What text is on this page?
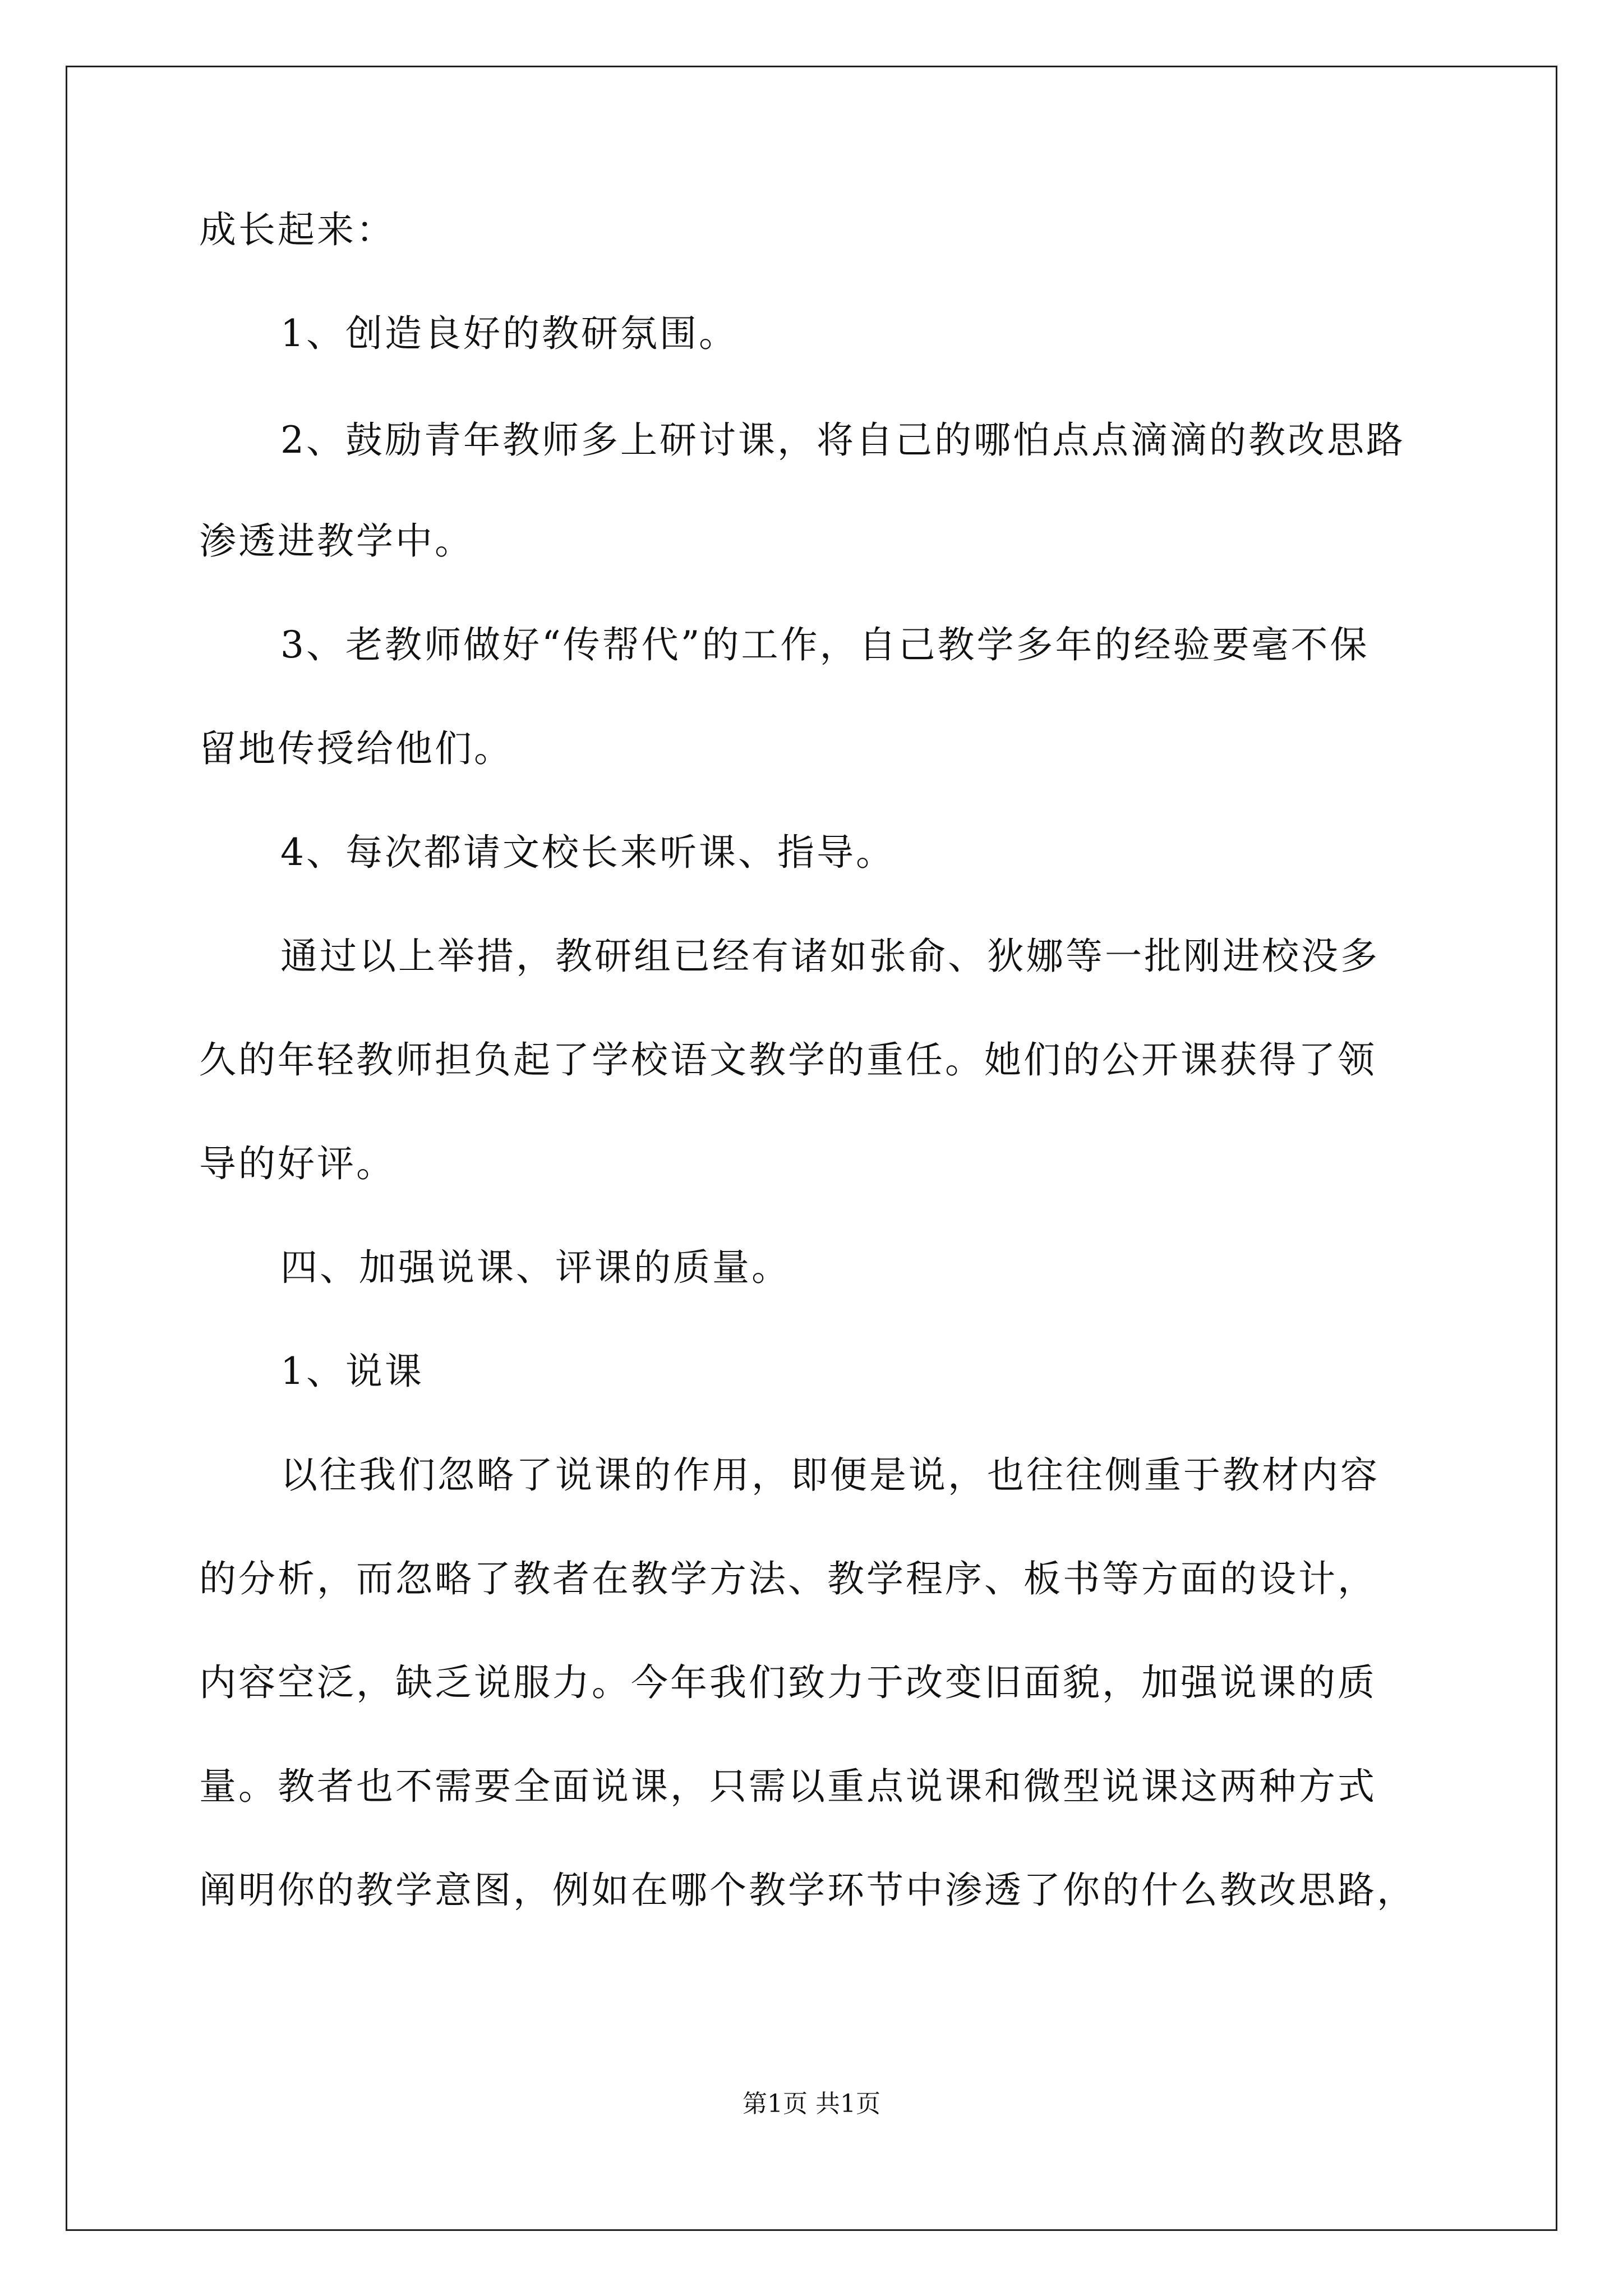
成长起来：
1、创造良好的教研氛围。
2、鼓励青年教师多上研讨课，将自己的哪怕点点滴滴的教改思路
渗透进教学中。
3、老教师做好“传帮代”的工作，自己教学多年的经验要毫不保
留地传授给他们。
4、每次都请文校长来听课、指导。
通过以上举措，教研组已经有诸如张俞、狄娜等一批刚进校没多
久的年轻教师担负起了学校语文教学的重任。她们的公开课获得了领
导的好评。
四、加强说课、评课的质量。
1、说课
以往我们忽略了说课的作用，即便是说，也往往侧重于教材内容
的分析，而忽略了教者在教学方法、教学程序、板书等方面的设计，
内容空泛，缺乏说服力。今年我们致力于改变旧面貌，加强说课的质
量。教者也不需要全面说课，只需以重点说课和微型说课这两种方式
阐明你的教学意图，例如在哪个教学环节中渗透了你的什么教改思路，
第1页 共1页
